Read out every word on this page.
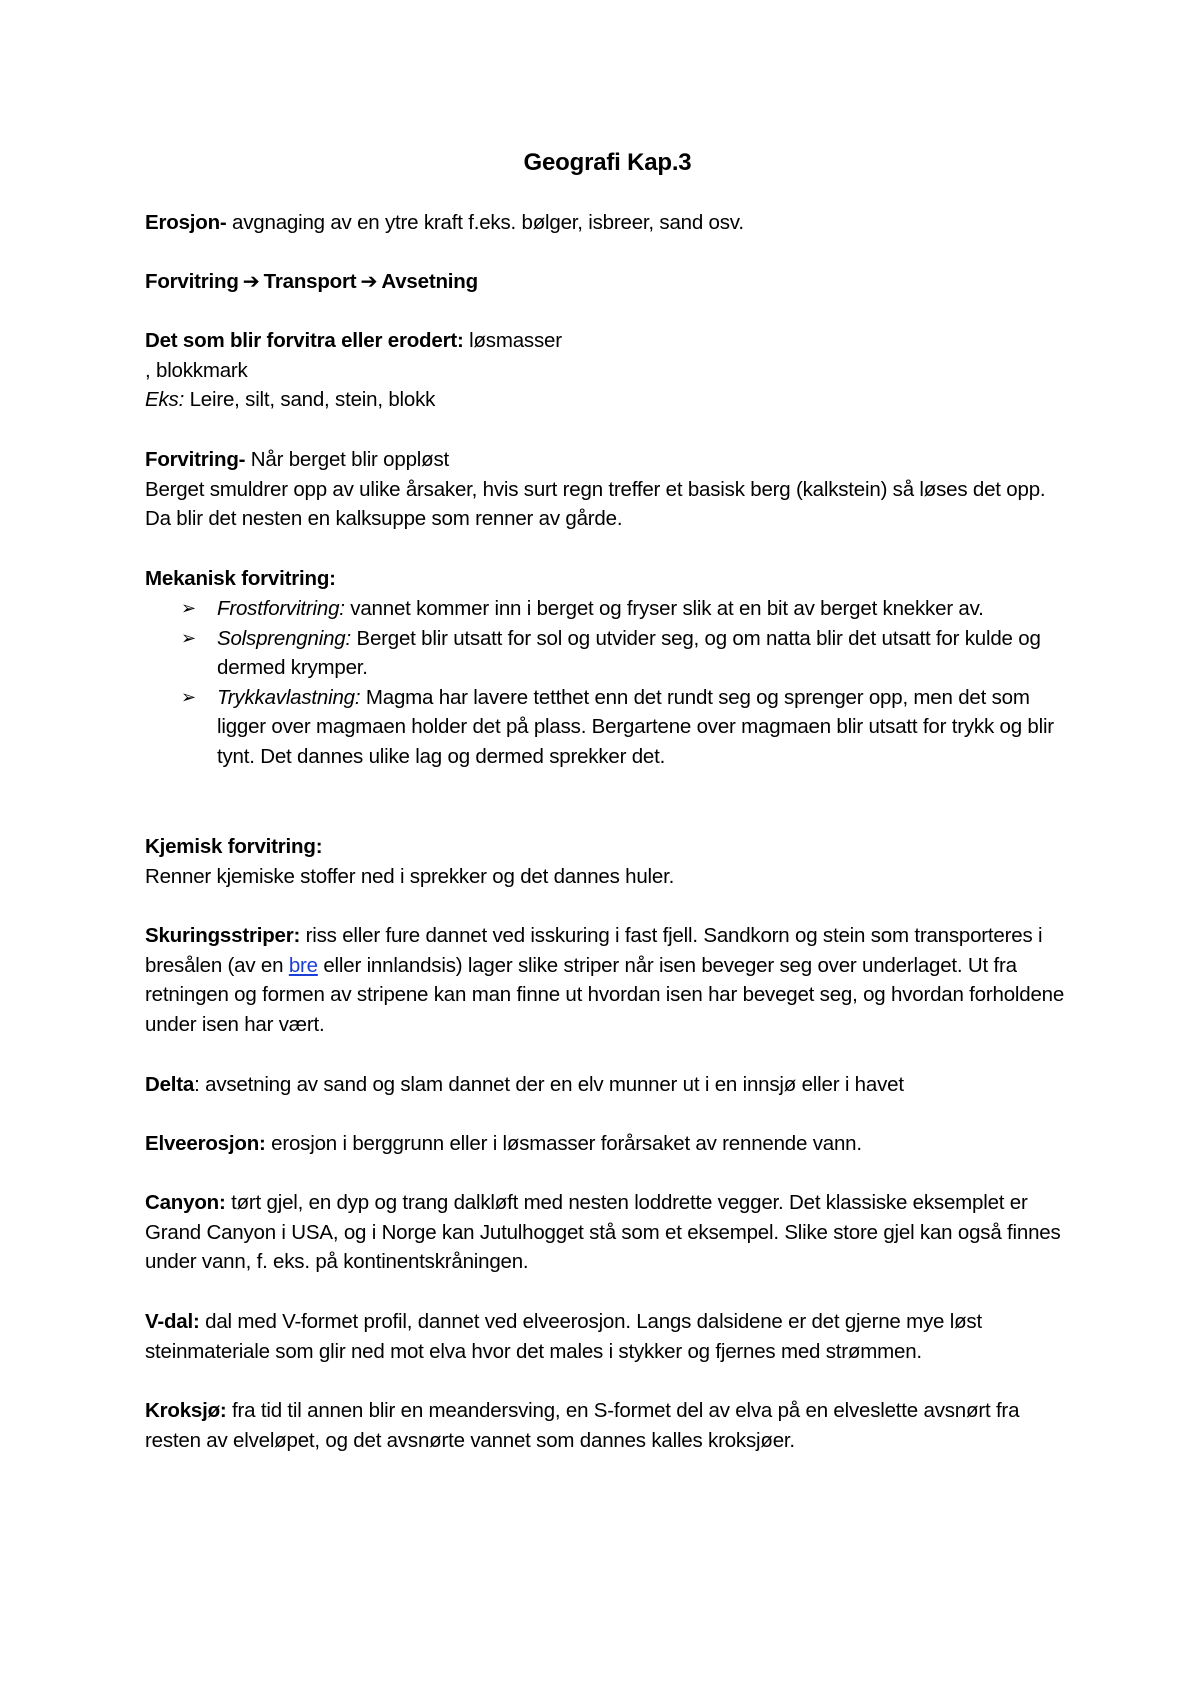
Geografi Kap.3

Erosjon- avgnaging av en ytre kraft f.eks. bølger, isbreer, sand osv.

Forvitring ➔ Transport ➔ Avsetning

Det som blir forvitra eller erodert: løsmasser
, blokkmark
Eks: Leire, silt, sand, stein, blokk
Forvitring- Når berget blir oppløst
Berget smuldrer opp av ulike årsaker, hvis surt regn treffer et basisk berg (kalkstein) så løses det opp. Da blir det nesten en kalksuppe som renner av gårde.
Mekanisk forvitring:
➢ Frostforvitring: vannet kommer inn i berget og fryser slik at en bit av berget knekker av.
➢ Solsprengning: Berget blir utsatt for sol og utvider seg, og om natta blir det utsatt for kulde og dermed krymper.
➢ Trykkavlastning: Magma har lavere tetthet enn det rundt seg og sprenger opp, men det som ligger over magmaen holder det på plass. Bergartene over magmaen blir utsatt for trykk og blir tynt. Det dannes ulike lag og dermed sprekker det.
Kjemisk forvitring:
Renner kjemiske stoffer ned i sprekker og det dannes huler.

Skuringsstriper: riss eller fure dannet ved isskuring i fast fjell. Sandkorn og stein som transporteres i bresålen (av en bre eller innlandsis) lager slike striper når isen beveger seg over underlaget. Ut fra retningen og formen av stripene kan man finne ut hvordan isen har beveget seg, og hvordan forholdene under isen har vært.

Delta: avsetning av sand og slam dannet der en elv munner ut i en innsjø eller i havet

Elveerosjon: erosjon i berggrunn eller i løsmasser forårsaket av rennende vann.

Canyon: tørt gjel, en dyp og trang dalkløft med nesten loddrette vegger. Det klassiske eksemplet er Grand Canyon i USA, og i Norge kan Jutulhogget stå som et eksempel. Slike store gjel kan også finnes under vann, f. eks. på kontinentskråningen.

V-dal: dal med V-formet profil, dannet ved elveerosjon. Langs dalsidene er det gjerne mye løst steinmateriale som glir ned mot elva hvor det males i stykker og fjernes med strømmen.

Kroksjø: fra tid til annen blir en meandersving, en S-formet del av elva på en elveslette avsnørt fra resten av elveløpet, og det avsnørte vannet som dannes kalles kroksjøer.
